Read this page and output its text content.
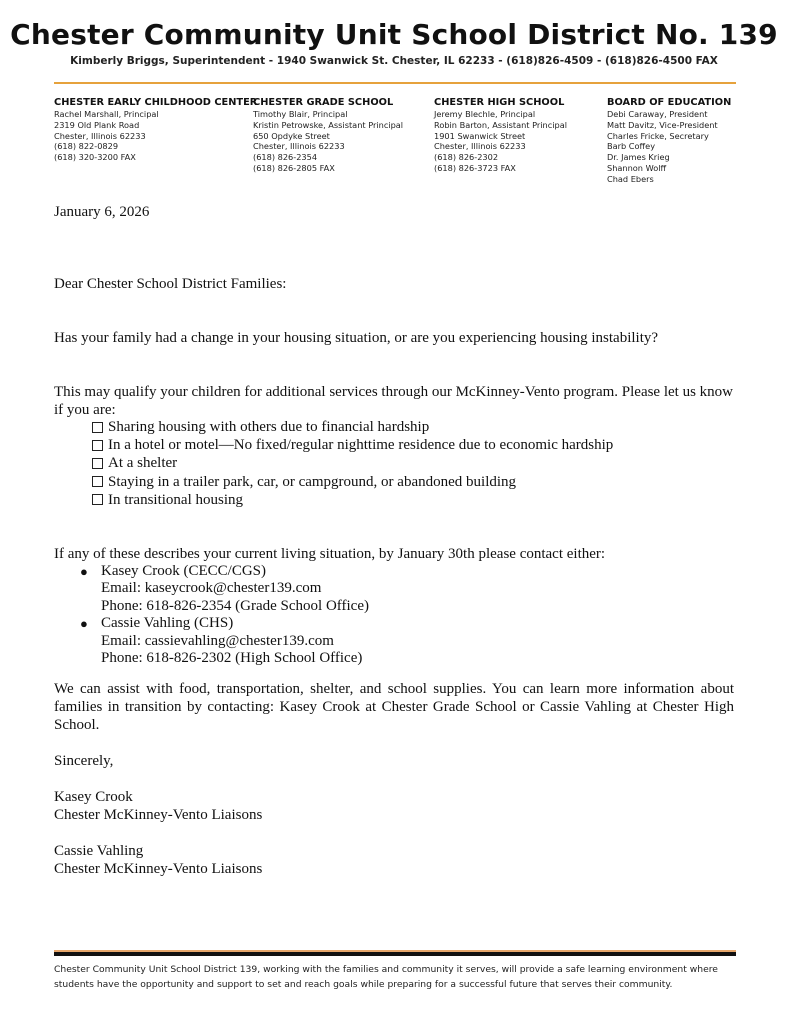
Chester Community Unit School District No. 139
Kimberly Briggs, Superintendent - 1940 Swanwick St. Chester, IL 62233 - (618)826-4509 - (618)826-4500 FAX
CHESTER EARLY CHILDHOOD CENTER
Rachel Marshall, Principal
2319 Old Plank Road
Chester, Illinois 62233
(618) 822-0829
(618) 320-3200 FAX
CHESTER GRADE SCHOOL
Timothy Blair, Principal
Kristin Petrowske, Assistant Principal
650 Opdyke Street
Chester, Illinois 62233
(618) 826-2354
(618) 826-2805 FAX
CHESTER HIGH SCHOOL
Jeremy Blechle, Principal
Robin Barton, Assistant Principal
1901 Swanwick Street
Chester, Illinois 62233
(618) 826-2302
(618) 826-3723 FAX
BOARD OF EDUCATION
Debi Caraway, President
Matt Davitz, Vice-President
Charles Fricke, Secretary
Barb Coffey
Dr. James Krieg
Shannon Wolff
Chad Ebers
January 6, 2026
Dear Chester School District Families:
Has your family had a change in your housing situation, or are you experiencing housing instability?
This may qualify your children for additional services through our McKinney-Vento program. Please let us know if you are:
Sharing housing with others due to financial hardship
In a hotel or motel—No fixed/regular nighttime residence due to economic hardship
At a shelter
Staying in a trailer park, car, or campground, or abandoned building
In transitional housing
If any of these describes your current living situation, by January 30th please contact either:
● Kasey Crook (CECC/CGS)
Email: kaseycrook@chester139.com
Phone: 618-826-2354 (Grade School Office)
● Cassie Vahling (CHS)
Email: cassievahling@chester139.com
Phone: 618-826-2302 (High School Office)
We can assist with food, transportation, shelter, and school supplies. You can learn more information about families in transition by contacting: Kasey Crook at Chester Grade School or Cassie Vahling at Chester High School.
Sincerely,
Kasey Crook
Chester McKinney-Vento Liaisons
Cassie Vahling
Chester McKinney-Vento Liaisons
Chester Community Unit School District 139, working with the families and community it serves, will provide a safe learning environment where students have the opportunity and support to set and reach goals while preparing for a successful future that serves their community.
